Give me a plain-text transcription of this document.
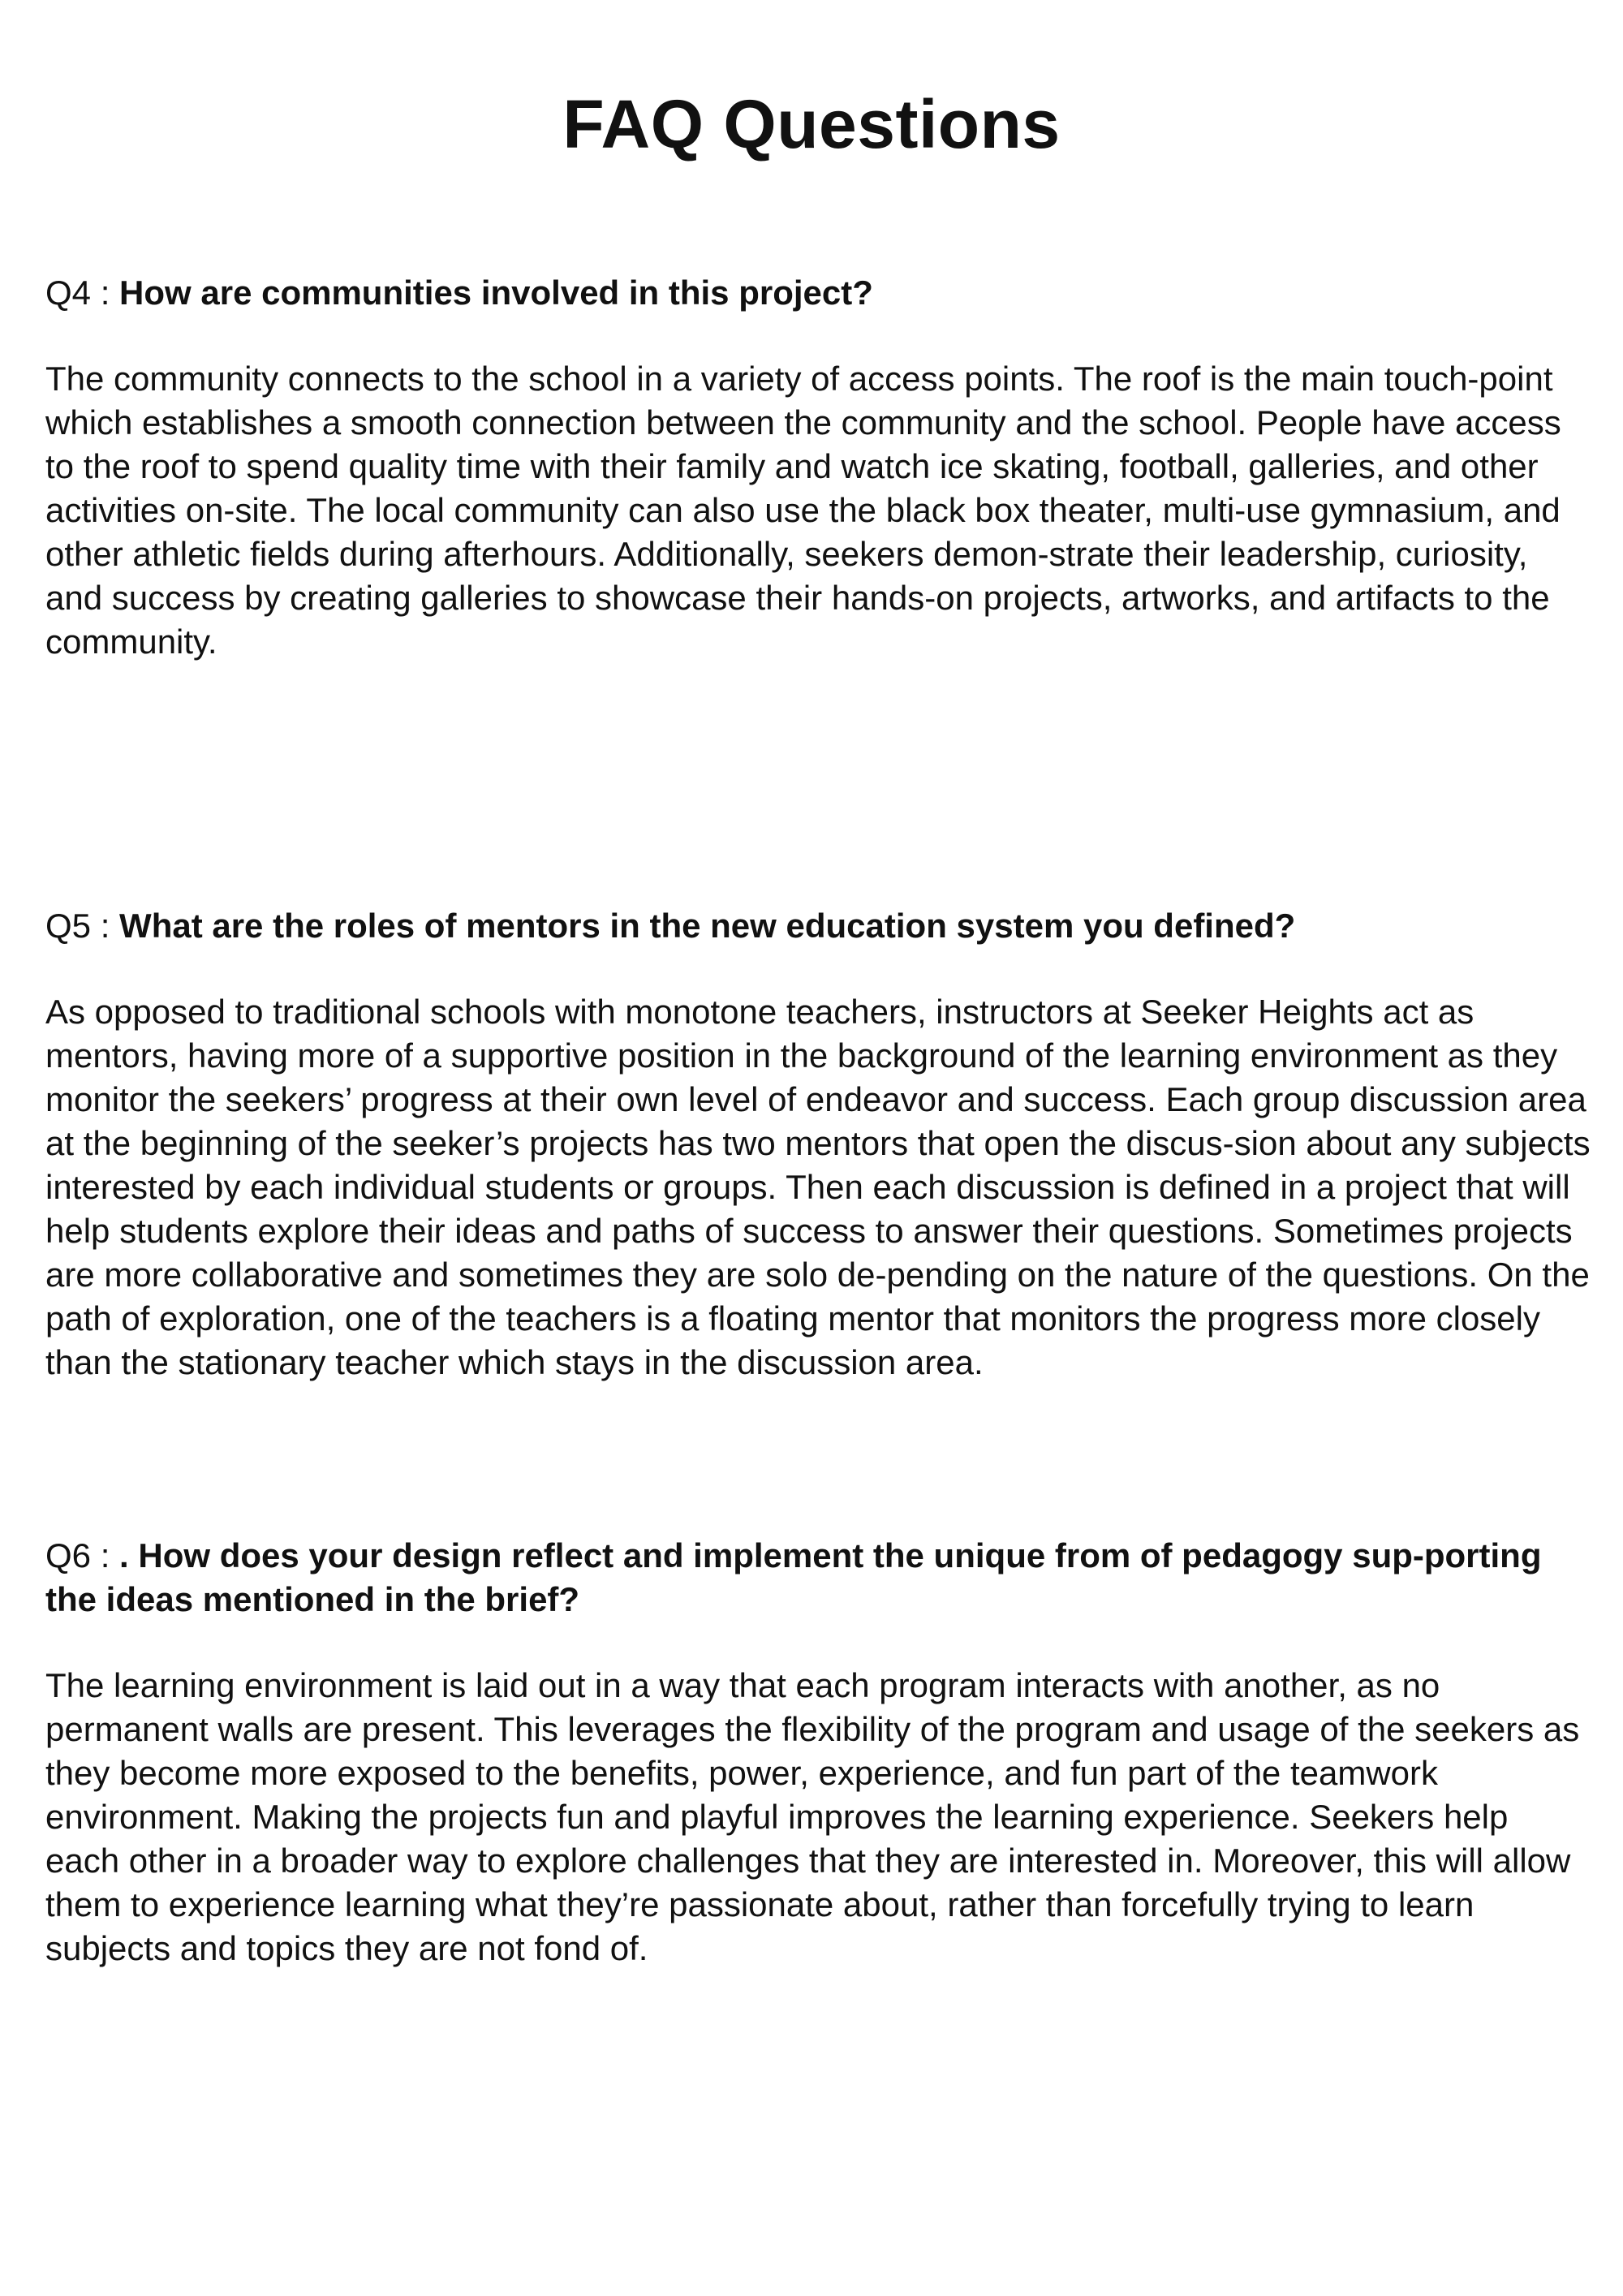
FAQ Questions

Q4 : How are communities involved in this project?

The community connects to the school in a variety of access points. The roof is the main touch-point which establishes a smooth connection between the community and the school. People have access to the roof to spend quality time with their family and watch ice skating, football, galleries, and other activities on-site. The local community can also use the black box theater, multi-use gymnasium, and other athletic fields during afterhours. Additionally, seekers demon-strate their leadership, curiosity, and success by creating galleries to showcase their hands-on projects, artworks, and artifacts to the community.

Q5 : What are the roles of mentors in the new education system you defined?

As opposed to traditional schools with monotone teachers, instructors at Seeker Heights act as mentors, having more of a supportive position in the background of the learning environment as they monitor the seekers’ progress at their own level of endeavor and success. Each group discussion area at the beginning of the seeker’s projects has two mentors that open the discus-sion about any subjects interested by each individual students or groups. Then each discussion is defined in a project that will help students explore their ideas and paths of success to answer their questions. Sometimes projects are more collaborative and sometimes they are solo de-pending on the nature of the questions. On the path of exploration, one of the teachers is a floating mentor that monitors the progress more closely than the stationary teacher which stays in the discussion area.

Q6 : . How does your design reflect and implement the unique from of pedagogy sup-porting the ideas mentioned in the brief?

The learning environment is laid out in a way that each program interacts with another, as no permanent walls are present. This leverages the flexibility of the program and usage of the seekers as they become more exposed to the benefits, power, experience, and fun part of the teamwork environment. Making the projects fun and playful improves the learning experience. Seekers help each other in a broader way to explore challenges that they are interested in. Moreover, this will allow them to experience learning what they’re passionate about, rather than forcefully trying to learn subjects and topics they are not fond of.
